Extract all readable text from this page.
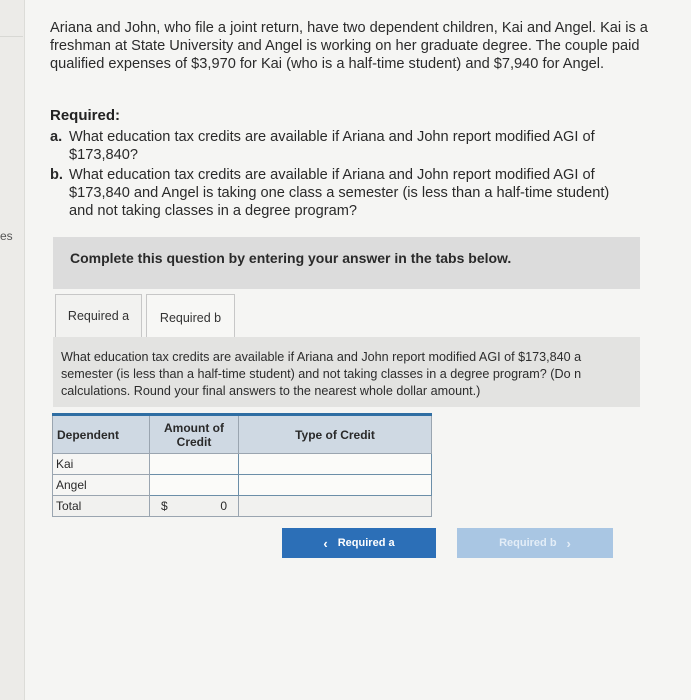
es
Ariana and John, who file a joint return, have two dependent children, Kai and Angel. Kai is a freshman at State University and Angel is working on her graduate degree. The couple paid qualified expenses of $3,970 for Kai (who is a half-time student) and $7,940 for Angel.
Required:
a. What education tax credits are available if Ariana and John report modified AGI of $173,840?
b. What education tax credits are available if Ariana and John report modified AGI of $173,840 and Angel is taking one class a semester (is less than a half-time student) and not taking classes in a degree program?
Complete this question by entering your answer in the tabs below.
Required a	Required b
What education tax credits are available if Ariana and John report modified AGI of $173,840 a
semester (is less than a half-time student) and not taking classes in a degree program? (Do n
calculations. Round your final answers to the nearest whole dollar amount.)
Dependent	Amount of Credit	Type of Credit
Kai		
Angel		
Total	$ 0	
‹ Required a	Required b ›
